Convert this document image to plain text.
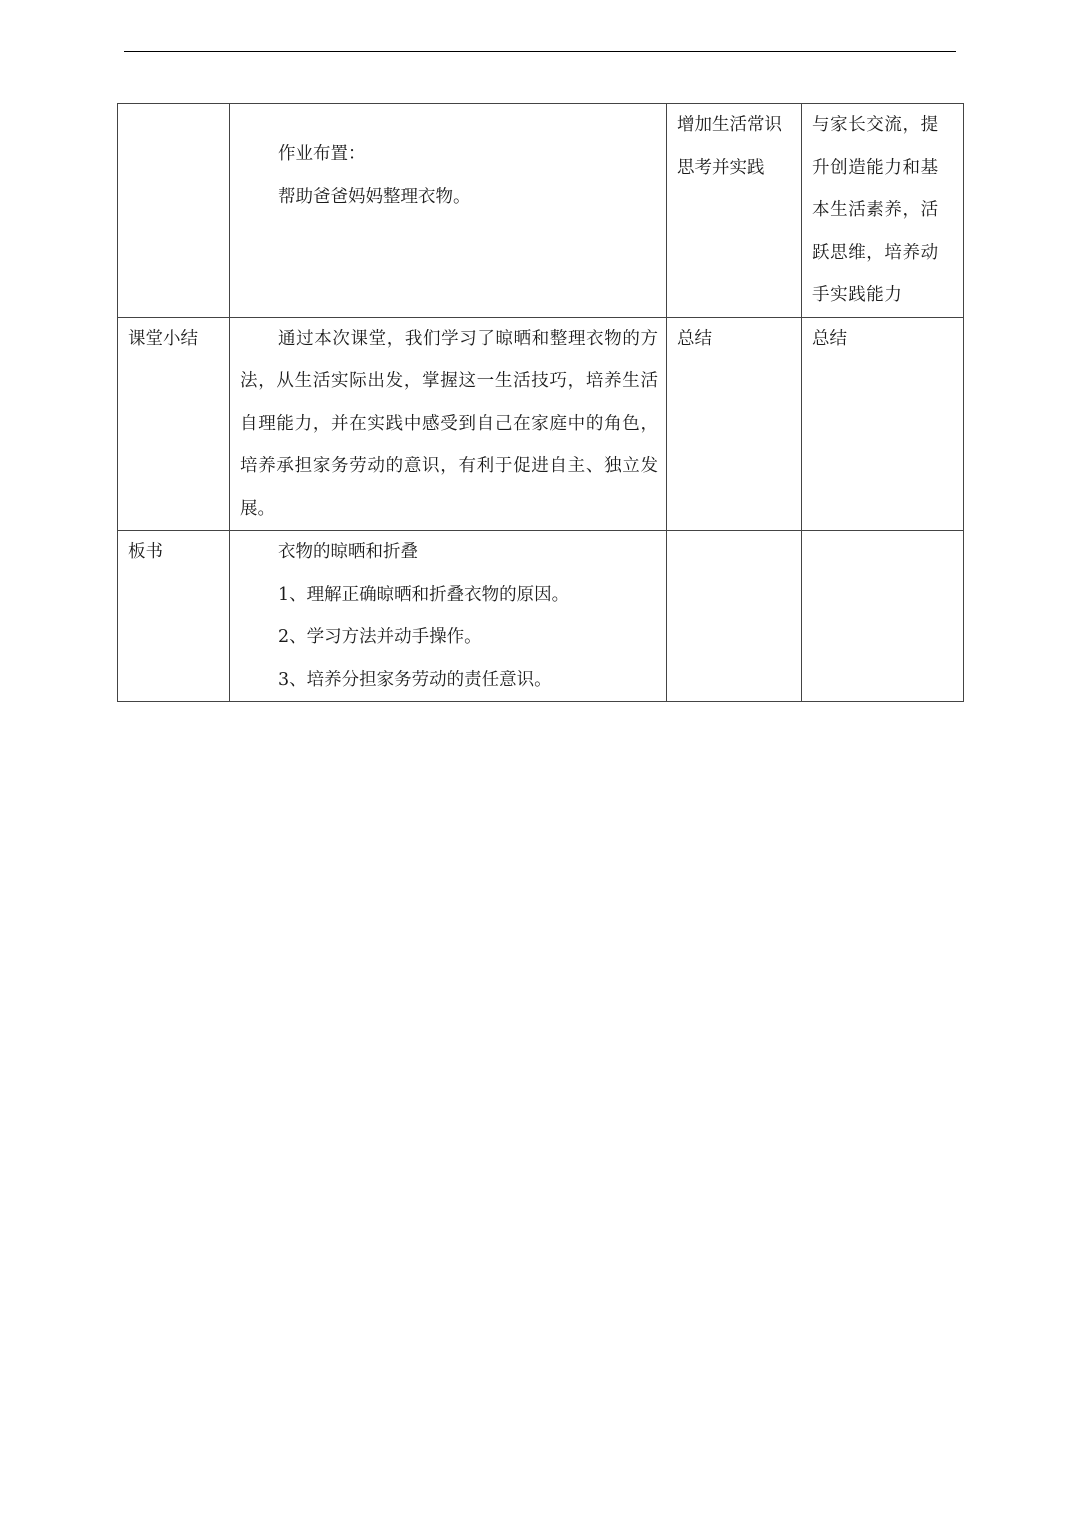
	作业布置：
帮助爸爸妈妈整理衣物。	增加生活常识
思考并实践	与家长交流，提
升创造能力和基
本生活素养，活
跃思维，培养动
手实践能力

课堂小结	通过本次课堂，我们学习了晾晒和整理衣物的方法，从生活实际出发，掌握这一生活技巧，培养生活自理能力，并在实践中感受到自己在家庭中的角色，培养承担家务劳动的意识，有利于促进自主、独立发展。	总结	总结
板书	衣物的晾晒和折叠
1、理解正确晾晒和折叠衣物的原因。
2、学习方法并动手操作。
3、培养分担家务劳动的责任意识。		
